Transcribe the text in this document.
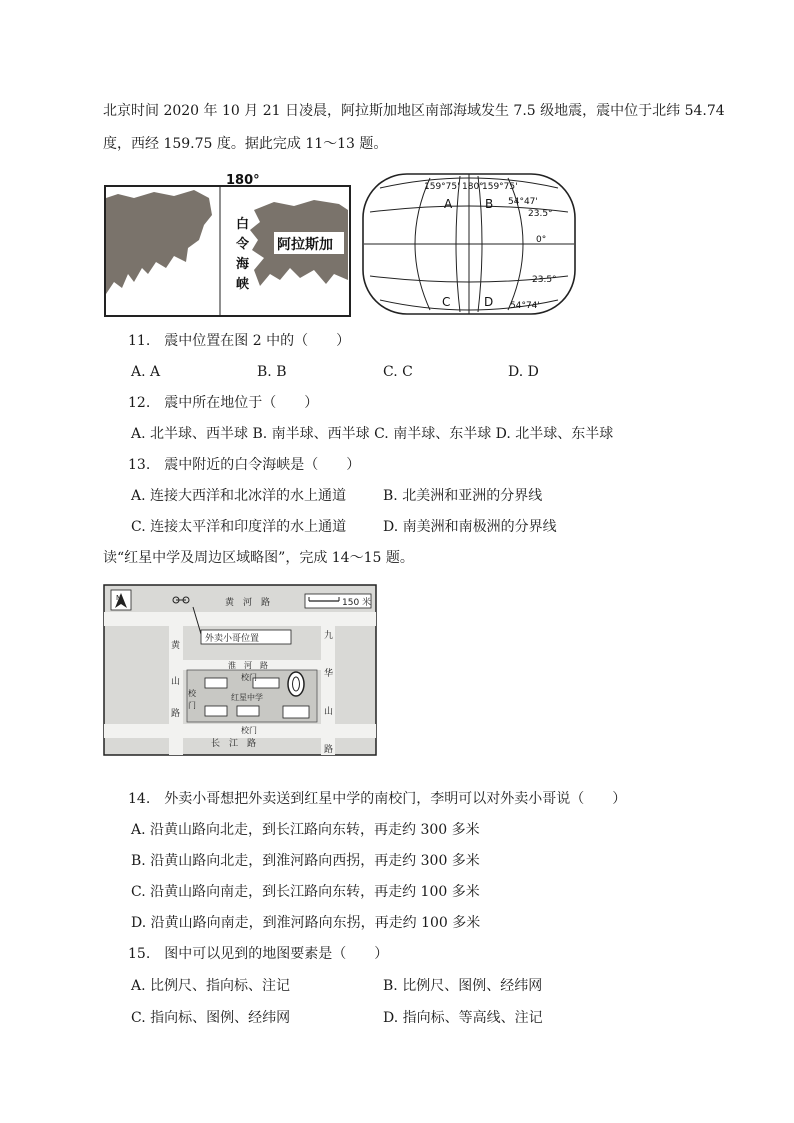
北京时间 2020 年 10 月 21 日凌晨，阿拉斯加地区南部海域发生 7.5 级地震，震中位于北纬 54.74
度，西经 159.75 度。据此完成 11～13 题。
180°
白
令
海
峡
阿拉斯加
159°75' 180°
159°75'
A	B
C	D
54°47'
23.5°
0°
23.5°
54°74'
11.　震中位置在图 2 中的（　　）
A. A	B. B	C. C	D. D
12.　震中所在地位于（　　）
A. 北半球、西半球 B. 南半球、西半球 C. 南半球、东半球 D. 北半球、东半球
13.　震中附近的白令海峡是（　　）
A. 连接大西洋和北冰洋的水上通道	B. 北美洲和亚洲的分界线
C. 连接太平洋和印度洋的水上通道	D. 南美洲和南极洲的分界线
读“红星中学及周边区域略图”，完成 14～15 题。
N	150 米
外卖小哥位置
黄　河　路
淮　河　路
长　江　路
黄
山
路
九
华
山
路
校门
校
门
红星中学
校门
14.　外卖小哥想把外卖送到红星中学的南校门，李明可以对外卖小哥说（　　）
A. 沿黄山路向北走，到长江路向东转，再走约 300 多米
B. 沿黄山路向北走，到淮河路向西拐，再走约 300 多米
C. 沿黄山路向南走，到长江路向东转，再走约 100 多米
D. 沿黄山路向南走，到淮河路向东拐，再走约 100 多米
15.　图中可以见到的地图要素是（　　）
A. 比例尺、指向标、注记	B. 比例尺、图例、经纬网
C. 指向标、图例、经纬网	D. 指向标、等高线、注记
